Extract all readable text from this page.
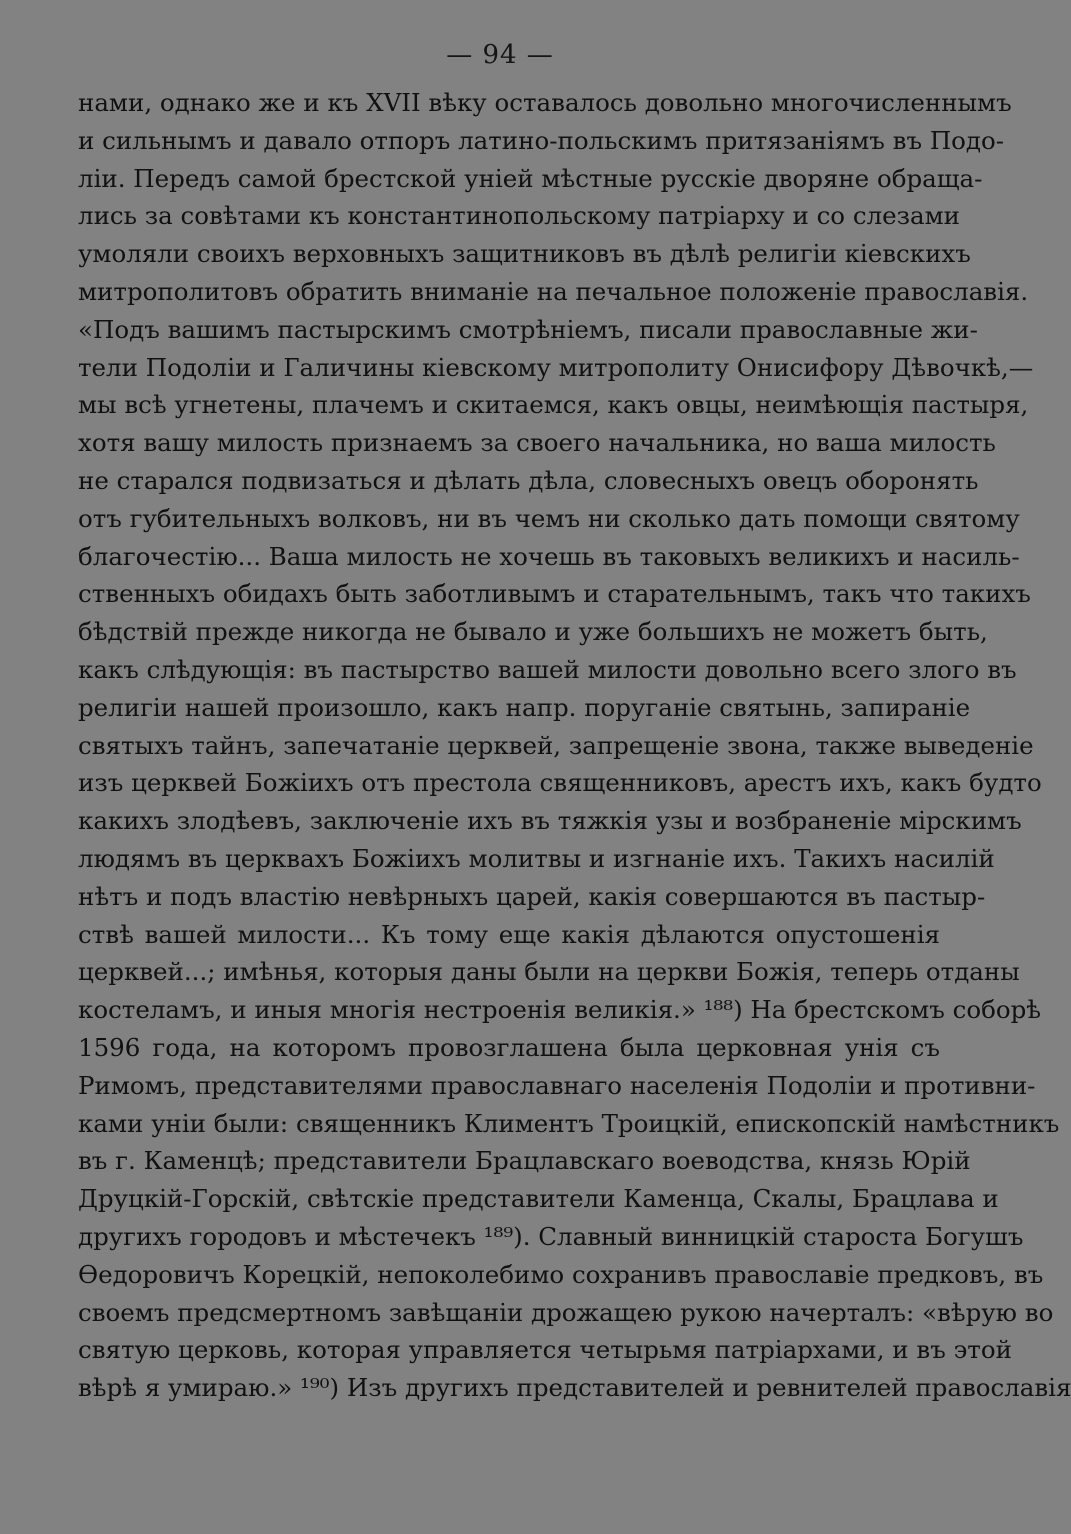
— 94 —
нами, однако же и къ XVII вѣку оставалось довольно многочисленнымъ
и сильнымъ и давало отпоръ латино-польскимъ притязаніямъ въ Подо-
ліи. Передъ самой брестской уніей мѣстные русскіе дворяне обраща-
лись за совѣтами къ константинопольскому патріарху и со слезами
умоляли своихъ верховныхъ защитниковъ въ дѣлѣ религіи кіевскихъ
митрополитовъ обратить вниманіе на печальное положеніе православія.
«Подъ вашимъ пастырскимъ смотрѣніемъ, писали православные жи-
тели Подоліи и Галичины кіевскому митрополиту Онисифору Дѣвочкѣ,—
мы всѣ угнетены, плачемъ и скитаемся, какъ овцы, неимѣющія пастыря,
хотя вашу милость признаемъ за своего начальника, но ваша милость
не старался подвизаться и дѣлать дѣла, словесныхъ овецъ оборонять
отъ губительныхъ волковъ, ни въ чемъ ни сколько дать помощи святому
благочестію... Ваша милость не хочешь въ таковыхъ великихъ и насиль-
ственныхъ обидахъ быть заботливымъ и старательнымъ, такъ что такихъ
бѣдствій прежде никогда не бывало и уже большихъ не можетъ быть,
какъ слѣдующія: въ пастырство вашей милости довольно всего злого въ
религіи нашей произошло, какъ напр. поруганіе святынь, запираніе
святыхъ тайнъ, запечатаніе церквей, запрещеніе звона, также выведеніе
изъ церквей Божіихъ отъ престола священниковъ, арестъ ихъ, какъ будто
какихъ злодѣевъ, заключеніе ихъ въ тяжкія узы и возбраненіе мірскимъ
людямъ въ церквахъ Божіихъ молитвы и изгнаніе ихъ. Такихъ насилій
нѣтъ и подъ властію невѣрныхъ царей, какія совершаются въ пастыр-
ствѣ вашей милости... Къ тому еще какія дѣлаются опустошенія
церквей...; имѣнья, которыя даны были на церкви Божія, теперь отданы
костеламъ, и иныя многія нестроенія великія.» ¹⁸⁸) На брестскомъ соборѣ
1596 года, на которомъ провозглашена была церковная унія съ
Римомъ, представителями православнаго населенія Подоліи и противни-
ками уніи были: священникъ Климентъ Троицкій, епископскій намѣстникъ
въ г. Каменцѣ; представители Брацлавскаго воеводства, князь Юрій
Друцкій-Горскій, свѣтскіе представители Каменца, Скалы, Брацлава и
другихъ городовъ и мѣстечекъ ¹⁸⁹). Славный винницкій староста Богушъ
Ѳедоровичъ Корецкій, непоколебимо сохранивъ православіе предковъ, въ
своемъ предсмертномъ завѣщаніи дрожащею рукою начерталъ: «вѣрую во
святую церковь, которая управляется четырьмя патріархами, и въ этой
вѣрѣ я умираю.» ¹⁹⁰) Изъ другихъ представителей и ревнителей православія
